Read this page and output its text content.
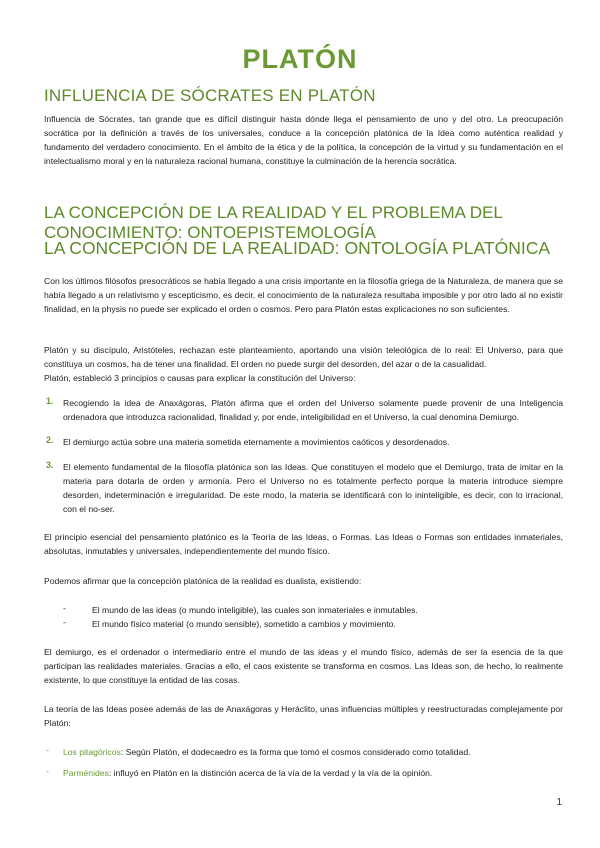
PLATÓN
INFLUENCIA DE SÓCRATES EN PLATÓN

Influencia de Sócrates, tan grande que es difícil distinguir hasta dónde llega el pensamiento de uno y del otro. La preocupación socrática por la definición a través de los universales, conduce a la concepción platónica de la Idea como auténtica realidad y fundamento del verdadero conocimiento. En el ámbito de la ética y de la política, la concepción de la virtud y su fundamentación en el intelectualismo moral y en la naturaleza racional humana, constituye la culminación de la herencia socrática.

LA CONCEPCIÓN DE LA REALIDAD Y EL PROBLEMA DEL CONOCIMIENTO: ONTOEPISTEMOLOGÍA
LA CONCEPCIÓN DE LA REALIDAD: ONTOLOGÍA PLATÓNICA

Con los últimos filósofos presocráticos se había llegado a una crisis importante en la filosofía griega de la Naturaleza, de manera que se había llegado a un relativismo y escepticismo, es decir, el conocimiento de la naturaleza resultaba imposible y por otro lado al no existir finalidad, en la physis no puede ser explicado el orden o cosmos. Pero para Platón estas explicaciones no son suficientes.

Platón y su discípulo, Aristóteles, rechazan este planteamiento, aportando una visión teleológica de lo real: El Universo, para que constituya un cosmos, ha de tener una finalidad. El orden no puede surgir del desorden, del azar o de la casualidad.

Platón, estableció 3 principios o causas para explicar la constitución del Universo:

1. Recogiendo la idea de Anaxágoras, Platón afirma que el orden del Universo solamente puede provenir de una Inteligencia ordenadora que introduzca racionalidad, finalidad y, por ende, inteligibilidad en el Universo, la cual denomina Demiurgo.

2. El demiurgo actúa sobre una materia sometida eternamente a movimientos caóticos y desordenados.

3. El elemento fundamental de la filosofía platónica son las Ideas. Que constituyen el modelo que el Demiurgo, trata de imitar en la materia para dotarla de orden y armonía. Pero el Universo no es totalmente perfecto porque la materia introduce siempre desorden, indeterminación e irregularidad. De este modo, la materia se identificará con lo ininteligible, es decir, con lo irracional, con el no-ser.

El principio esencial del pensamiento platónico es la Teoría de las Ideas, o Formas. Las Ideas o Formas son entidades inmateriales, absolutas, inmutables y universales, independientemente del mundo físico.

Podemos afirmar que la concepción platónica de la realidad es dualista, existiendo:

-	El mundo de las ideas (o mundo inteligible), las cuales son inmateriales e inmutables.

-	El mundo físico material (o mundo sensible), sometido a cambios y movimiento.

El demiurgo, es el ordenador o intermediario entre el mundo de las ideas y el mundo físico, además de ser la esencia de la que participan las realidades materiales. Gracias a ello, el caos existente se transforma en cosmos. Las Ideas son, de hecho, lo realmente existente, lo que constituye la entidad de las cosas.

La teoría de las Ideas posee además de las de Anaxágoras y Heráclito, unas influencias múltiples y reestructuradas complejamente por Platón:

- Los pitagóricos: Según Platón, el dodecaedro es la forma que tomó el cosmos considerado como totalidad.

- Parménides: influyó en Platón en la distinción acerca de la vía de la verdad y la vía de la opinión.

1
